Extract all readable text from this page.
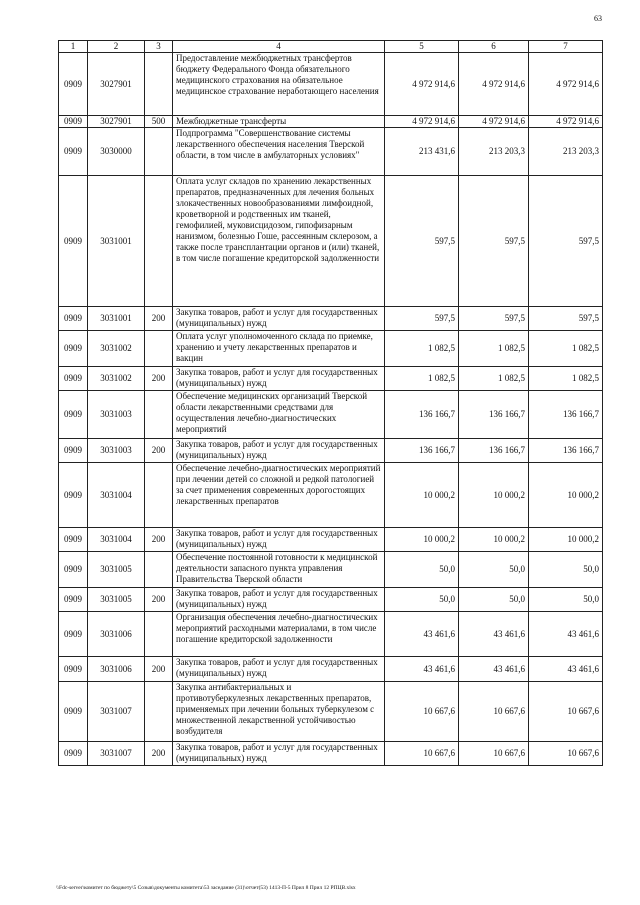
63
1	2	3	4	5	6	7
0909	3027901		Предоставление межбюджетных трансфертов бюджету Федерального Фонда обязательного медицинского страхования на обязательное медицинское страхование неработающего населения	4 972 914,6	4 972 914,6	4 972 914,6
0909	3027901	500	Межбюджетные трансферты	4 972 914,6	4 972 914,6	4 972 914,6
0909	3030000		Подпрограмма "Совершенствование системы лекарственного обеспечения населения Тверской области, в том числе в амбулаторных условиях"	213 431,6	213 203,3	213 203,3
0909	3031001		Оплата услуг складов по хранению лекарственных препаратов, предназначенных для лечения больных злокачественных новообразованиями лимфоидной, кроветворной и родственных им тканей, гемофилией, муковисцидозом, гипофизарным нанизмом, болезнью Гоше, рассеянным склерозом, а также после трансплантации органов и (или) тканей, в том числе погашение кредиторской задолженности	597,5	597,5	597,5
0909	3031001	200	Закупка товаров, работ и услуг для государственных (муниципальных) нужд	597,5	597,5	597,5
0909	3031002		Оплата услуг уполномоченного склада по приемке, хранению и учету лекарственных препаратов и вакцин	1 082,5	1 082,5	1 082,5
0909	3031002	200	Закупка товаров, работ и услуг для государственных (муниципальных) нужд	1 082,5	1 082,5	1 082,5
0909	3031003		Обеспечение медицинских организаций Тверской области лекарственными средствами для осуществления лечебно-диагностических мероприятий	136 166,7	136 166,7	136 166,7
0909	3031003	200	Закупка товаров, работ и услуг для государственных (муниципальных) нужд	136 166,7	136 166,7	136 166,7
0909	3031004		Обеспечение лечебно-диагностических мероприятий при лечении детей со сложной и редкой патологией за счет применения современных дорогостоящих лекарственных препаратов	10 000,2	10 000,2	10 000,2
0909	3031004	200	Закупка товаров, работ и услуг для государственных (муниципальных) нужд	10 000,2	10 000,2	10 000,2
0909	3031005		Обеспечение постоянной готовности к медицинской деятельности запасного пункта управления Правительства Тверской области	50,0	50,0	50,0
0909	3031005	200	Закупка товаров, работ и услуг для государственных (муниципальных) нужд	50,0	50,0	50,0
0909	3031006		Организация обеспечения лечебно-диагностических мероприятий расходными материалами, в том числе погашение кредиторской задолженности	43 461,6	43 461,6	43 461,6
0909	3031006	200	Закупка товаров, работ и услуг для государственных (муниципальных) нужд	43 461,6	43 461,6	43 461,6
0909	3031007		Закупка антибактериальных и противотуберкулезных лекарственных препаратов, применяемых при лечении больных туберкулезом с множественной лекарственной устойчивостью возбудителя	10 667,6	10 667,6	10 667,6
0909	3031007	200	Закупка товаров, работ и услуг для государственных (муниципальных) нужд	10 667,6	10 667,6	10 667,6
\\Fdc-server\комитет по бюджету\5 Созыв\документы комитета\53 заседание (31)\отчет(53) 1413-П-5 Прил 8 Прил 12 РПЦВ.xlsx
